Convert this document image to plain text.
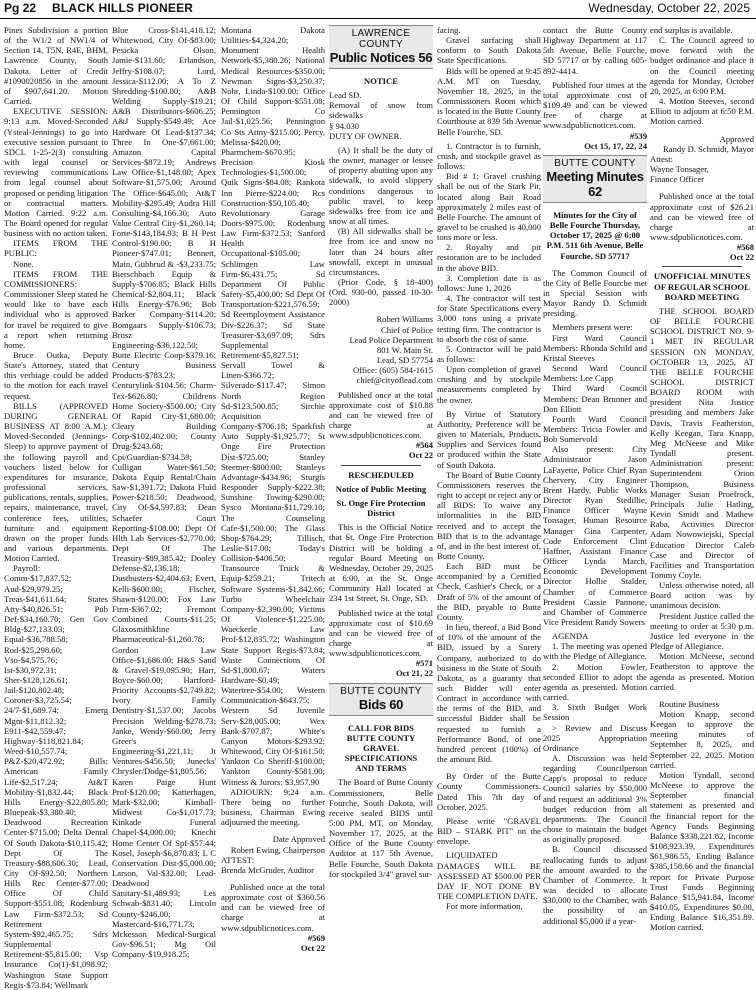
Pg 22 BLACK HILLS PIONEER	Wednesday, October 22, 2025

Pines Subdivision a portion of the W1/2 of NW1/4 of Section 14, T5N, R4E, BHM, Lawrence County, South Dakota. Letter of Credit #1090020856 in the amount of $907,641.20. Motion Carried.

EXECUTIVE SESSION: 9:13 a.m. Moved-Seconded (Ysteal-Jennings) to go into executive session pursuant to SDCL 1-25-2(3) consulting with legal counsel or reviewing communications from legal counsel about proposed or pending litigation or contractual matters. Motion Carried. 9:22 a.m. The Board opened for regular business with no action taken.

ITEMS FROM THE PUBLIC:

None.

ITEMS FROM THE COMMISSIONERS: Commissioner Sleep stated he would like to have each individual who is approved for travel be required to give a report when returning home.

Bruce Outka, Deputy State's Attorney, stated that this verbiage could be added to the motion for each travel request.

BILLS (APPROVED DURING GENERAL BUSINESS AT 8:00 A.M.): Moved-Seconded (Jennings-Sleep) to approve payment of the following payroll and vouchers listed below for expenditures for insurance, professional services, publications, rentals, supplies, repairs, maintenance, travel, conference fees, utilities, furniture and equipment drawn on the proper funds and various departments. Motion Carried.

Payroll: Comm-$17,837.52; Aud-$29,979.25; Treas-$41,611.64; States Atty-$40,826.51; Pub Def-$34,160.70; Gen Gov Bldg-$27,133.03; Equal-$36,788.58; Rod-$25,298.60; Vso-$4,575.76; Ist-$30,972.31; Sher-$128,126.61; Jail-$120,802.48; Coroner-$3,725.54; 24/7-$1,689.74; Emerg Mgnt-$11,812.32; E911-$42,559.47; Highway-$118,821.84; Weed-$10,557.74; P&Z-$20,472.92; Bills: American Family Life-$2,517.24; At&T Mobility-$1,832.44; Black Hills Energy-$22,805.80; Bluepeak-$3,380.40; Deadwood Recreation Center-$715.00; Delta Dental Of South Dakota-$10,115.42; Dept Of The Treasury-$88,606.30; Lead, City Of-$92.50; Northern Hills Rec Center-$77.00; Office Of Child Support-$551.08; Rodenburg Law Firm-$372.53; Sd Retirement System-$92,465.75; Sdrs Supplemental Retirement-$5,815.00; Vsp Insurance Co(1)-$1,098.92; Washington State Support Regis-$73.84; Wellmark

Blue Cross-$141,418.12; Whitewood, City Of-$83.00; Pesicka Olson, Jamie-$131.60; Erlandson, Jeffry-$108.07; Lord, Jessica-$112.00; A To Z Shredding-$100.00; A&B Welding Supply-$19.21; A&B Distributors-$606.25; A&J Supply-$549.49; Ace Hardware Of Lead-$137.34; Three In One-$7,661.00; Amazon Capital Services-$872.19; Andrews Law Office-$1,148.00; Apex Software-$1,575.00; Around The Office-$645.00; At&T Mobility-$295.49; Audra Hill Consulting-$4,166.30; Auto Value Central City-$1,260.14; Forte-$143,184.93; B H Pest Control-$190.00; B H Pioneer-$747.01; Bennett, Main, Gubbrud & -$3,233.75; Bierschbach Equip & Supply-$706.85; Black Hills Chemical-$2,804.11; Black Hills Energy-$76.96; Bob Barker Company-$114.20; Bomgaars Supply-$106.73; Brosz Engineering-$36,122.50; Butte Electric Coop-$379.16; Century Business Products-$783.23; Centurylink-$104.56; Charm-Tex-$626.80; Childrens Home Society-$500.00; City Of Rapid City-$1,680.00; Cleary Building Corp-$102,402.00; County Drug-$243.68; Cpi/Guardian-$734.59; Culligan Water-$61.50; Dakota Equip Rental/Chain Saw-$1,391.72; Dakota Fluid Power-$218.50; Deadwood, City Of-$4,597.83; Dean Schaefer Court Reporting-$108.00; Dept Of Hlth Lab Services-$2,770.00; Dept Of The Treasury-$89,385.42; Dooley Defense-$2,136.18; Dustbusters-$2,404.63; Evert, Kelli-$600.00; Fischer, Shawn-$120.00; Fox Law Firm-$367.02; Fremont Combined Courts-$11.25; Glaxosmithkline Pharmaceutical-$1,260.78; Gordon Law Office-$1,686.00; H&S Sand & Gravel-$19,095.90; Harr, Boyce-$60.00; Hartford-Priority Accounts-$2,749.82; Ivory Family Dentistry-$1,537.00; Jacobs Precision Welding-$278.73; Janke, Wendy-$60.00; Jerry Greer's Engineering-$1,221.11; Jt Ventures-$456.50; Junecks' Chrysler/Dodge-$1,805.56; Karen Paige Hunt Prof-$120.00; Katterhagen, Mark-$32.00; Kimball-Midwest Co-$1,017.73; Kinkade Funeral Chapel-$4,000.00; Knecht Home Center Of Spf-$57.44; Kosel, Joseph-$6,870.83; L C Conservation Dist-$5,000.00; Larson, Val-$32.00; Lead-Deadwood Sanitary-$1,489.93; Les Schwab-$831.40; Lincoln County-$246.00; Mastercard-$16,771.73; Mckesson Medical-Surgical Gov-$96.51; Mg Oil Company-$19,918.25;

Montana Dakota Utilities-$4,324.20; Monument Health Network-$5,380.26; National Medical Resources-$350.00; Newman Signs-$3,250.37; Nohr, Linda-$100.00; Office Of Child Support-$551.08; Pennington Co Jail-$1,025.56; Pennington Co Sts Attny-$215.00; Percy, Melissa-$420.00; Pharmchem-$670.95; Precision Kiosk Technologies-$1,500.00; Quik Signs-$84.08; Rankota Inn Pierre-$224.00; Rcs Construction-$50,105.40; Revolutionary Garage Doors-$975.00; Rodenburg Law Firm-$372.53; Sanford Health Occupational-$105.00; Schlimgen Law Firm-$6,431.75; Sd Department Of Public Safety-$5,400.00; Sd Dept Of Transportation-$221,576.59; Sd Reemployment Assistance Div-$226.37; Sd State Treasurer-$3,697.09; Sdrs Supplemental Retirement-$5,827.51; Servall Towel & Linen-$366.72; Silverado-$117.47; Simon North Region Sd-$123,500.85; Sirchie Acquisition Company-$706.18; Sparkfish Auto Supply-$1,925.77; St Onge Fire Protection Dist-$725.00; Stanley Steemer-$800.00; Stanleys Advantage-$434.96; Sturgis Responder Supply-$222.38; Sunshine Towing-$290.00; Sysco Montana-$11,729.10; The Counseling Cafe-$1,500.00; The Glass Shop-$764.29; Tillisch, Leslie-$17.00; Today's Collision-$406.50; Transource Truck & Equip-$259.21; Tritech Software Systems-$1,842.66; Turbo Wheelchair Company-$2,390.00; Victims Of Violence-$1,225.00; Waeckerle Law Prof-$12,835.72; Washington State Support Regis-$73.84; Waste Connections Of Sd-$1,800.67; Waters Hardware-$0.49; Watertree-$54.00; Western Communication-$643.75; Western Sd Juvenile Serv-$28,005.00; Wex Bank-$707.87; White's Canyon Motors-$293.92; Whitewood, City Of-$161.50; Yankton Co Sheriff-$100.00; Yankton County-$581.00; Witness & Jurors: $3,957.90

ADJOURN: 9:24 a.m. There being no further business, Chairman Ewing adjourned the meeting.

Date Approved

Robert Ewing, Chairperson

ATTEST:

Brenda McGruder, Auditor

Published once at the total approximate cost of $360.56 and can be viewed free of charge at www.sdpublicnotices.com.

#569

Oct 22

LAWRENCE COUNTY
Public Notices 56

NOTICE

Lead SD.

Removal of snow from sidewalks

§ 94.030

DUTY OF OWNER.

(A) It shall be the duty of the owner, manager or lessee of property abutting upon any sidewalk, to avoid slippery conditions dangerous to public travel, to keep sidewalks free from ice and snow at all times.

(B) All sidewalks shall be free from ice and snow no later than 24 hours after snowfall, except in unusual circumstances.

(Prior Code, § 18-400) (Ord. 930-00, passed 10-30-2000)

Robert Williams

Chief of Police

Lead Police Department

801 W. Main St.

Lead, SD 57754

Office: (605) 584-1615

chief@cityoflead.com

Published once at the total approximate cost of $10.88 and can be viewed free of charge at www.sdpublicnotices.com.

#564

Oct 22

RESCHEDULED

Notice of Public Meeting

St. Onge Fire Protection District

This is the Official Notice that St. Onge Fire Protection District will be holding a regular Board Meeting on Wednesday, October 29, 2025 at 6:00, at the St. Onge Community Hall located at 234 1st Street, St. Onge, SD.

Published twice at the total approximate cost of $10.69 and can be viewed free of charge at www.sdpublicnotices.com.

#571

Oct 21, 22

BUTTE COUNTY
Bids 60

CALL FOR BIDS

BUTTE COUNTY

GRAVEL

SPECIFICATIONS

AND TERMS

The Board of Butte County Commissioners, Belle Fourche, South Dakota, will receive sealed BIDS until 5:00 PM, MT, on Monday, November 17, 2025, at the Office of the Butte County Auditor at 117 5th Avenue, Belle Fourche, South Dakota for stockpiled 3/4" gravel sur-

facing.

Gravel surfacing shall conform to South Dakota State Specifications.

Bids will be opened at 9:45 A.M. MT on Tuesday, November 18, 2025, in the Commissioners Room which is located in the Butte County Courthouse at 839 5th Avenue Belle Fourche, SD.

1. Contractor is to furnish, crush, and stockpile gravel as follows:

Bid # 1: Gravel crushing shall be out of the Stark Pit, located along Bait Road approximately 2 miles east of Belle Fourche. The amount of gravel to be crushed is 40,000 tons more or less.

2. Royalty and pit restoration are to be included in the above BID.

3. Completion date is as follows: June 1, 2026

4. The contractor will test for State Specifications every 3,000 tons using a private testing firm. The contractor is to absorb the cost of same.

5. Contractor will be paid as follows:

Upon completion of gravel crushing and by stockpile measurements completed by the owner.

By Virtue of Statutory Authority, Preference will be given to Materials, Products, Supplies and Services found or produced within the State of South Dakota.

The Board of Butte County Commissioners reserves the right to accept or reject any or all BIDS: To waive any informalities in the BID received and to accept the BID that is to the advantage of, and in the best interest of, Butte County.

Each BID must be accompanied by a Certified Check, Cashier's Check, or a Draft of 5% of the amount of the BID, payable to Butte County.

In lieu, thereof, a Bid Bond of 10% of the amount of the BID, issued by a Surety Company, authorized to do business in the State of South Dakota, as a guaranty that such Bidder will enter Contract in accordance with the terms of the BID, and successful Bidder shall be requested to furnish a Performance Bond, of one hundred percent (100%) of the amount Bid.

By Order of the Butte County Commissioners. Dated This 7th day of October, 2025.

Please write "GRAVEL BID – STARK PIT" on the envelope.

LIQUIDATED DAMAGES WILL BE ASSESSED AT $500.00 PER DAY IF NOT DONE BY THE COMPLETION DATE.

For more information,

contact the Butte County Highway Department at 117 5th Avenue, Belle Fourche, SD 57717 or by calling 605-892-4414.

Published four times at the total approximate cost of $109.49 and can be viewed free of charge at www.sdpublicnotices.com.

#539

Oct 15, 17, 22, 24

BUTTE COUNTY
Meeting Minutes 62

Minutes for the City of Belle Fourche Thursday, October 17, 2025 @ 6:00 P.M. 511 6th Avenue, Belle Fourche, SD 57717

The Common Council of the City of Belle Fourche met in Special Session with Mayor Randy D. Schmidt presiding.

Members present were:

First Ward Council Members: Rhonda Schild and Kristal Steeves

Second Ward Council Members: Lee Capp

Third Ward Council Members: Dean Brunner and Don Elliott

Fourth Ward Council Members: Tricia Fowler and Bob Somervold

Also present: City Administrator Jason LaFayette, Police Chief Ryan Chervery, City Engineer Brent Hardy, Public Works Director Ryan Stedillie, Finance Officer Wayne Tonsager, Human Resource Manager Gina Carpenter, Code Enforcement Clint Haffner, Assistant Finance Officer Lynda March, Economic Development Director Hollie Stalder, Chamber of Commerce President Cassie Pannone, and Chamber of Commerce Vice President Randy Sowers

AGENDA

1. The meeting was opened with the Pledge of Allegiance.

2. Motion Fowler, seconded Elliot to adopt the agenda as presented. Motion carried.

3. Sixth Budget Work Session

> Review and Discuss 2025 Appropriation Ordinance

A. Discussion was held regarding Councilperson Capp's proposal to reduce Council salaries by $50,000 and request an additional 3% budget reduction from all departments. The Council chose to maintain the budget as originally proposed.

B. Council discussed reallocating funds to adjust the amount awarded to the Chamber of Commerce. It was decided to allocate $30,000 to the Chamber, with the possibility of an additional $5,000 if a year-

end surplus is available.

C. The Council agreed to move forward with the budget ordinance and place it on the Council meeting agenda for Monday, October 20, 2025, at 6:00 P.M.

4. Motion Steeves, second Elliott to adjourn at 6:50 P.M. Motion carried.

Approved

Randy D. Schmidt, Mayor

Attest:

Wayne Tonsager,

Finance Officer

Published once at the total approximate cost of $26.21 and can be viewed free of charge at www.sdpublicnotices.com.

#568

Oct 22

UNOFFICIAL MINUTES OF REGULAR SCHOOL BOARD MEETING

THE SCHOOL BOARD OF BELLE FOURCHE SCHOOL DISTRICT NO. 9-1 MET IN REGULAR SESSION ON MONDAY, OCTOBER 13, 2025, AT THE BELLE FOURCHE SCHOOL DISTRICT BOARD ROOM with president Nita Justice presiding and members Jake Davis, Travis Featherston, Kelly Keegan, Tara Knapp, Meg McNeese and Mike Tyndall present. Administration present: Superintendent Orion Thompson, Business Manager Susan Proefrock, Principals Julie Hatling, Kevin Smidt and Mathew Raba, Activities Director Adam Nowowiejski, Special Education Director Caleb Case and Director of Facilities and Transportation Tommy Coyle.

Unless otherwise noted, all Board action was by unanimous decision.

President Justice called the meeting to order at 5:30 p.m. Justice led everyone in the Pledge of Allegiance.

Motion McNeese, second Featherston to approve the agenda as presented. Motion carried.

Routine Business

Motion Knapp, second Keegan to approve the meeting minutes of September 8, 2025, and September 22, 2025. Motion carried.

Motion Tyndall, second McNeese to approve the September financial statement as presented and the financial report for the Agency Funds Beginning Balance $338,221.82, Income $108,923.39, Expenditures $61,986.55, Ending Balance $385,158.66 and the financial report for Private Purpose Trust Funds Beginning Balance $15,941.84, Income $410.05, Expenditures $0.00, Ending Balance $16,351.89. Motion carried.
